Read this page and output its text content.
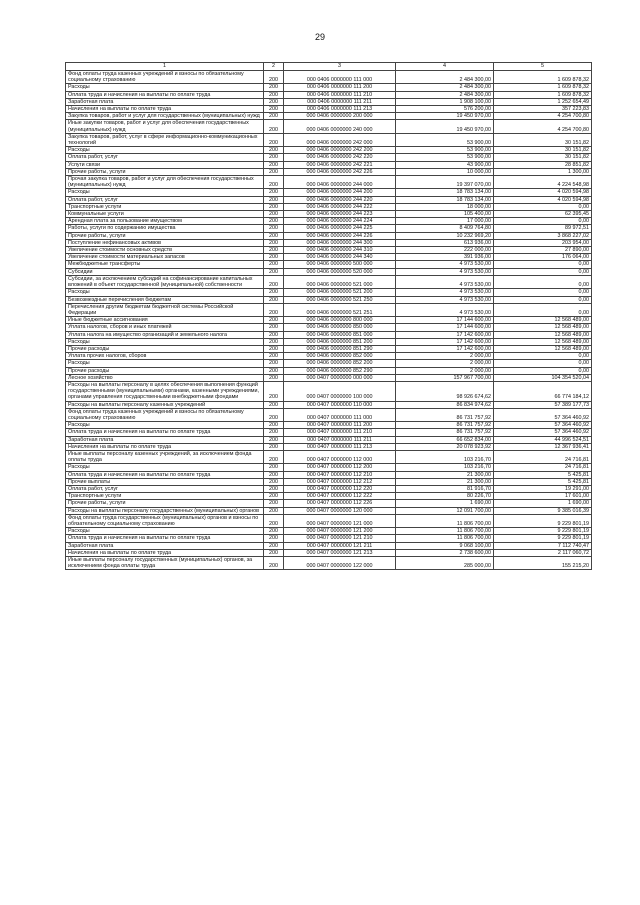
29
1	2	3	4	5
Фонд оплаты труда казенных учреждений и взносы по обязательному социальному страхованию	200	000 0406 0000000 111 000	2 484 300,00	1 609 878,32
Расходы	200	000 0406 0000000 111 200	2 484 300,00	1 609 878,32
Оплата труда и начисления на выплаты по оплате труда	200	000 0406 0000000 111 210	2 484 300,00	1 609 878,32
Заработная плата	200	000 0406 0000000 111 211	1 908 100,00	1 252 654,49
Начисления на выплаты по оплате труда	200	000 0406 0000000 111 213	576 200,00	357 223,83
Закупка товаров, работ и услуг для государственных (муниципальных) нужд	200	000 0406 0000000 200 000	19 450 970,00	4 254 700,80
Иные закупки товаров, работ и услуг для обеспечения государственных (муниципальных) нужд	200	000 0406 0000000 240 000	19 450 970,00	4 254 700,80
Закупка товаров, работ, услуг в сфере информационно-коммуникационных технологий	200	000 0406 0000000 242 000	53 900,00	30 151,82
Расходы	200	000 0406 0000000 242 200	53 900,00	30 151,82
Оплата работ, услуг	200	000 0406 0000000 242 220	53 900,00	30 151,82
Услуги связи	200	000 0406 0000000 242 221	43 900,00	28 851,82
Прочие работы, услуги	200	000 0406 0000000 242 226	10 000,00	1 300,00
Прочая закупка товаров, работ и услуг для обеспечения государственных (муниципальных) нужд	200	000 0406 0000000 244 000	19 397 070,00	4 224 548,98
Расходы	200	000 0406 0000000 244 200	18 783 134,00	4 020 594,98
Оплата работ, услуг	200	000 0406 0000000 244 220	18 783 134,00	4 020 594,98
Транспортные услуги	200	000 0406 0000000 244 222	18 000,00	0,00
Коммунальные услуги	200	000 0406 0000000 244 223	105 400,00	62 395,45
Арендная плата за пользование имуществом	200	000 0406 0000000 244 224	17 000,00	0,00
Работы, услуги по содержанию имущества	200	000 0406 0000000 244 225	8 409 764,80	89 972,51
Прочие работы, услуги	200	000 0406 0000000 244 226	10 232 969,20	3 868 227,02
Поступление нефинансовых активов	200	000 0406 0000000 244 300	613 936,00	203 954,00
Увеличение стоимости основных средств	200	000 0406 0000000 244 310	222 000,00	27 890,00
Увеличение стоимости материальных запасов	200	000 0406 0000000 244 340	391 936,00	176 064,00
Межбюджетные трансферты	200	000 0406 0000000 500 000	4 973 530,00	0,00
Субсидии	200	000 0406 0000000 520 000	4 973 530,00	0,00
Субсидии, за исключением субсидий на софинансирование капитальных вложений в объект государственной (муниципальной) собственности	200	000 0406 0000000 521 000	4 973 530,00	0,00
Расходы	200	000 0406 0000000 521 200	4 973 530,00	0,00
Безвозмездные перечисления бюджетам	200	000 0406 0000000 521 250	4 973 530,00	0,00
Перечисления другим бюджетам бюджетной системы Российской Федерации	200	000 0406 0000000 521 251	4 973 530,00	0,00
Иные бюджетные ассигнования	200	000 0406 0000000 800 000	17 144 600,00	12 568 489,00
Уплата налогов, сборов и иных платежей	200	000 0406 0000000 850 000	17 144 600,00	12 568 489,00
Уплата налога на имущество организаций и земельного налога	200	000 0406 0000000 851 000	17 142 600,00	12 568 489,00
Расходы	200	000 0406 0000000 851 200	17 142 600,00	12 568 489,00
Прочие расходы	200	000 0406 0000000 851 290	17 142 600,00	12 568 489,00
Уплата прочих налогов, сборов	200	000 0406 0000000 852 000	2 000,00	0,00
Расходы	200	000 0406 0000000 852 200	2 000,00	0,00
Прочие расходы	200	000 0406 0000000 852 290	2 000,00	0,00
Лесное хозяйство	200	000 0407 0000000 000 000	157 967 700,00	104 354 520,04
Расходы на выплаты персоналу в целях обеспечения выполнения функций государственными (муниципальными) органами, казенными учреждениями, органами управления государственными внебюджетными фондами	200	000 0407 0000000 100 000	98 926 674,62	66 774 184,12
Расходы на выплаты персоналу казенных учреждений	200	000 0407 0000000 110 000	86 834 974,62	57 389 177,73
Фонд оплаты труда казенных учреждений и взносы по обязательному социальному страхованию	200	000 0407 0000000 111 000	86 731 757,92	57 364 460,92
Расходы	200	000 0407 0000000 111 200	86 731 757,92	57 364 460,92
Оплата труда и начисления на выплаты по оплате труда	200	000 0407 0000000 111 210	86 731 757,92	57 364 460,92
Заработная плата	200	000 0407 0000000 111 211	66 652 834,00	44 996 524,51
Начисления на выплаты по оплате труда	200	000 0407 0000000 111 213	20 078 923,92	12 367 936,41
Иные выплаты персоналу казенных учреждений, за исключением фонда оплаты труда	200	000 0407 0000000 112 000	103 216,70	24 716,81
Расходы	200	000 0407 0000000 112 200	103 216,70	24 716,81
Оплата труда и начисления на выплаты по оплате труда	200	000 0407 0000000 112 210	21 300,00	5 425,81
Прочие выплаты	200	000 0407 0000000 112 212	21 300,00	5 425,81
Оплата работ, услуг	200	000 0407 0000000 112 220	81 916,70	19 291,00
Транспортные услуги	200	000 0407 0000000 112 222	80 226,70	17 601,00
Прочие работы, услуги	200	000 0407 0000000 112 226	1 690,00	1 690,00
Расходы на выплаты персоналу государственных (муниципальных) органов	200	000 0407 0000000 120 000	12 091 700,00	9 385 016,39
Фонд оплаты труда государственных (муниципальных) органов и взносы по обязательному социальному страхованию	200	000 0407 0000000 121 000	11 806 700,00	9 229 801,19
Расходы	200	000 0407 0000000 121 200	11 806 700,00	9 229 801,19
Оплата труда и начисления на выплаты по оплате труда	200	000 0407 0000000 121 210	11 806 700,00	9 229 801,19
Заработная плата	200	000 0407 0000000 121 211	9 068 100,00	7 112 740,47
Начисления на выплаты по оплате труда	200	000 0407 0000000 121 213	2 738 600,00	2 117 060,72
Иные выплаты персоналу государственных (муниципальных) органов, за исключением фонда оплаты труда	200	000 0407 0000000 122 000	285 000,00	155 215,20
